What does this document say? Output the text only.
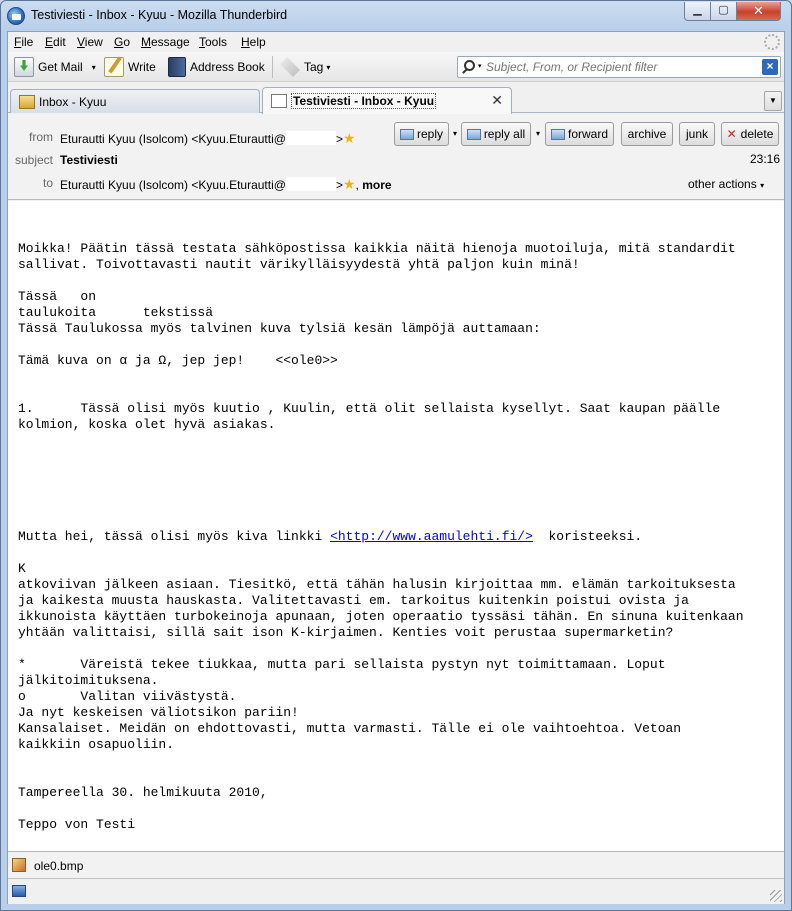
Testiviesti - Inbox - Kyuu - Mozilla Thunderbird	▁	▢	✕
File Edit View Go Message Tools Help
Get Mail ▾	Write	Address Book	Tag ▾	▾
Subject, From, or Recipient filter	×
Inbox - Kyuu	Testiviesti - Inbox - Kyuu	✕	▼
from Eturautti Kyuu (Isolcom) <Kyuu.Eturautti@	>★
subject Testiviesti
to Eturautti Kyuu (Isolcom) <Kyuu.Eturautti@	>★, more
23:16
other actions ▾
reply	▾ reply all	▾ forward archive junk ✕ delete
Moikka! Päätin tässä testata sähköpostissa kaikkia näitä hienoja muotoiluja, mitä standardit
sallivat. Toivottavasti nautit värikylläisyydestä yhtä paljon kuin minä!
Tässä   on
taulukoita      tekstissä
Tässä Taulukossa myös talvinen kuva tylsiä kesän lämpöjä auttamaan:
Tämä kuva on α ja Ω, jep jep!    <<ole0>>
1.      Tässä olisi myös kuutio , Kuulin, että olit sellaista kysellyt. Saat kaupan päälle
kolmion, koska olet hyvä asiakas.
Mutta hei, tässä olisi myös kiva linkki <http://www.aamulehti.fi/>  koristeeksi.
K
atkoviivan jälkeen asiaan. Tiesitkö, että tähän halusin kirjoittaa mm. elämän tarkoituksesta
ja kaikesta muusta hauskasta. Valitettavasti em. tarkoitus kuitenkin poistui ovista ja
ikkunoista käyttäen turbokeinoja apunaan, joten operaatio tyssäsi tähän. En sinuna kuitenkaan
yhtään valittaisi, sillä sait ison K-kirjaimen. Kenties voit perustaa supermarketin?
*       Väreistä tekee tiukkaa, mutta pari sellaista pystyn nyt toimittamaan. Loput
jälkitoimituksena.
o       Valitan viivästystä.
Ja nyt keskeisen väliotsikon pariin!
Kansalaiset. Meidän on ehdottovasti, mutta varmasti. Tälle ei ole vaihtoehtoa. Vetoan
kaikkiin osapuoliin.
Tampereella 30. helmikuuta 2010,
Teppo von Testi
ole0.bmp
